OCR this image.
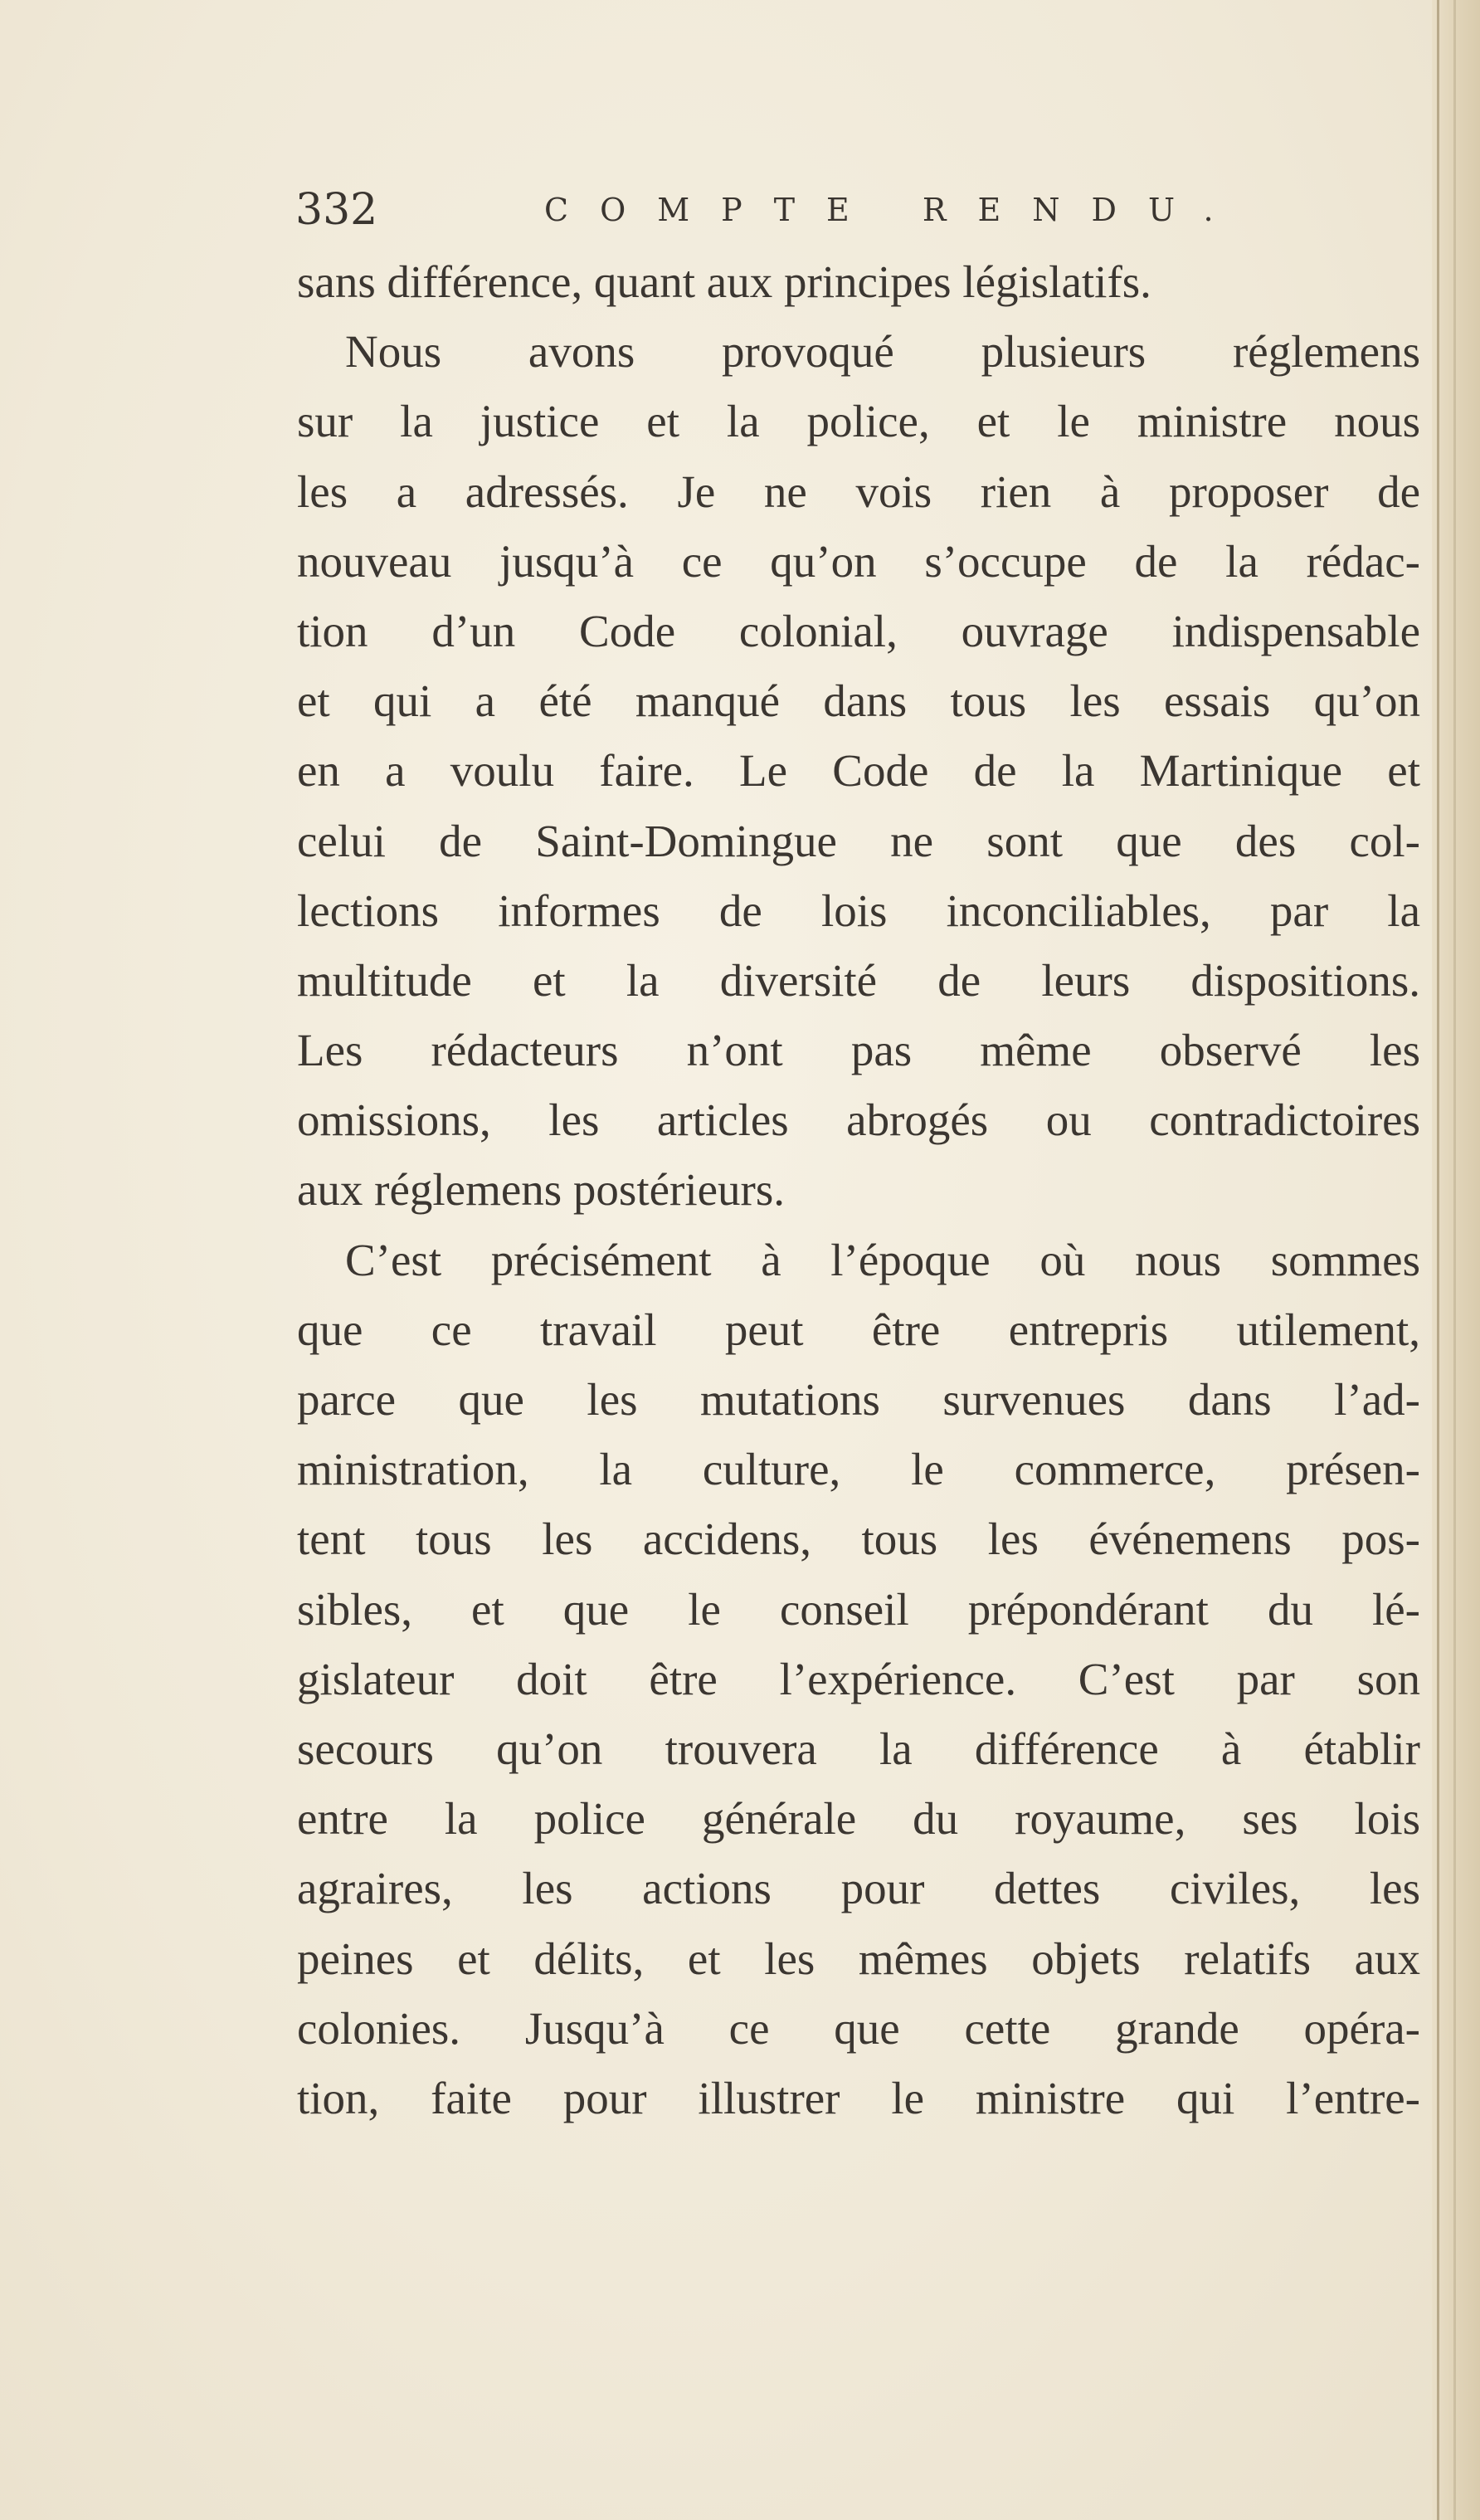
332	COMPTE RENDU.
sans différence, quant aux principes législatifs.
Nous avons provoqué plusieurs réglemens
sur la justice et la police, et le ministre nous
les a adressés. Je ne vois rien à proposer de
nouveau jusqu’à ce qu’on s’occupe de la rédac-
tion d’un Code colonial, ouvrage indispensable
et qui a été manqué dans tous les essais qu’on
en a voulu faire. Le Code de la Martinique et
celui de Saint-Domingue ne sont que des col-
lections informes de lois inconciliables, par la
multitude et la diversité de leurs dispositions.
Les rédacteurs n’ont pas même observé les
omissions, les articles abrogés ou contradictoires
aux réglemens postérieurs.
C’est précisément à l’époque où nous sommes
que ce travail peut être entrepris utilement,
parce que les mutations survenues dans l’ad-
ministration, la culture, le commerce, présen-
tent tous les accidens, tous les événemens pos-
sibles, et que le conseil prépondérant du lé-
gislateur doit être l’expérience. C’est par son
secours qu’on trouvera la différence à établir
entre la police générale du royaume, ses lois
agraires, les actions pour dettes civiles, les
peines et délits, et les mêmes objets relatifs aux
colonies. Jusqu’à ce que cette grande opéra-
tion, faite pour illustrer le ministre qui l’entre-
